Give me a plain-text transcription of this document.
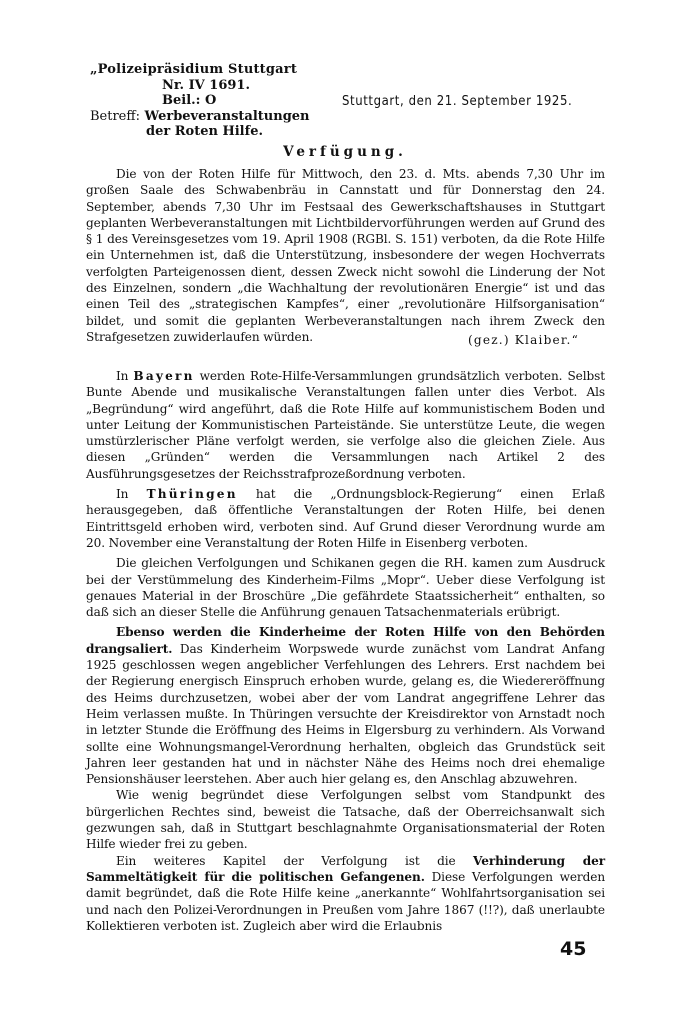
„Polizeipräsidium Stuttgart
Nr. IV 1691.
Beil.: O
Betreff: Werbeveranstaltungen
der Roten Hilfe.
Stuttgart, den 21. September 1925.
Verfügung.

Die von der Roten Hilfe für Mittwoch, den 23. d. Mts. abends 7,30 Uhr im großen Saale des Schwabenbräu in Cannstatt und für Donnerstag den 24. September, abends 7,30 Uhr im Festsaal des Gewerkschaftshauses in Stuttgart geplanten Werbeveranstaltungen mit Lichtbildervorführungen werden auf Grund des § 1 des Vereinsgesetzes vom 19. April 1908 (RGBl. S. 151) verboten, da die Rote Hilfe ein Unternehmen ist, daß die Unterstützung, insbesondere der wegen Hochverrats verfolgten Parteigenossen dient, dessen Zweck nicht sowohl die Linderung der Not des Einzelnen, sondern „die Wachhaltung der revolutionären Energie“ ist und das einen Teil des „strategischen Kampfes“, einer „revolutionäre Hilfsorganisation“ bildet, und somit die geplanten Werbeveranstaltungen nach ihrem Zweck den Strafgesetzen zuwiderlaufen würden.	(gez.) Klaiber.“

In Bayern werden Rote-Hilfe-Versammlungen grundsätzlich verboten. Selbst Bunte Abende und musikalische Veranstaltungen fallen unter dies Verbot. Als „Begründung“ wird angeführt, daß die Rote Hilfe auf kommunistischem Boden und unter Leitung der Kommunistischen Parteistände. Sie unterstütze Leute, die wegen umstürzlerischer Pläne verfolgt werden, sie verfolge also die gleichen Ziele. Aus diesen „Gründen“ werden die Versammlungen nach Artikel 2 des Ausführungsgesetzes der Reichsstrafprozeßordnung verboten.

In Thüringen hat die „Ordnungsblock-Regierung“ einen Erlaß herausgegeben, daß öffentliche Veranstaltungen der Roten Hilfe, bei denen Eintrittsgeld erhoben wird, verboten sind. Auf Grund dieser Verordnung wurde am 20. November eine Veranstaltung der Roten Hilfe in Eisenberg verboten.

Die gleichen Verfolgungen und Schikanen gegen die RH. kamen zum Ausdruck bei der Verstümmelung des Kinderheim-Films „Mopr“. Ueber diese Verfolgung ist genaues Material in der Broschüre „Die gefährdete Staatssicherheit“ enthalten, so daß sich an dieser Stelle die Anführung genauen Tatsachenmaterials erübrigt.

Ebenso werden die Kinderheime der Roten Hilfe von den Behörden drangsaliert. Das Kinderheim Worpswede wurde zunächst vom Landrat Anfang 1925 geschlossen wegen angeblicher Verfehlungen des Lehrers. Erst nachdem bei der Regierung energisch Einspruch erhoben wurde, gelang es, die Wiedereröffnung des Heims durchzusetzen, wobei aber der vom Landrat angegriffene Lehrer das Heim verlassen mußte. In Thüringen versuchte der Kreisdirektor von Arnstadt noch in letzter Stunde die Eröffnung des Heims in Elgersburg zu verhindern. Als Vorwand sollte eine Wohnungsmangel-Verordnung herhalten, obgleich das Grundstück seit Jahren leer gestanden hat und in nächster Nähe des Heims noch drei ehemalige Pensionshäuser leerstehen. Aber auch hier gelang es, den Anschlag abzuwehren.

Wie wenig begründet diese Verfolgungen selbst vom Standpunkt des bürgerlichen Rechtes sind, beweist die Tatsache, daß der Oberreichsanwalt sich gezwungen sah, daß in Stuttgart beschlagnahmte Organisationsmaterial der Roten Hilfe wieder frei zu geben.

Ein weiteres Kapitel der Verfolgung ist die Verhinderung der Sammeltätigkeit für die politischen Gefangenen. Diese Verfolgungen werden damit begründet, daß die Rote Hilfe keine „anerkannte“ Wohlfahrtsorganisation sei und nach den Polizei-Verordnungen in Preußen vom Jahre 1867 (!!?), daß unerlaubte Kollektieren verboten ist. Zugleich aber wird die Erlaubnis

45
